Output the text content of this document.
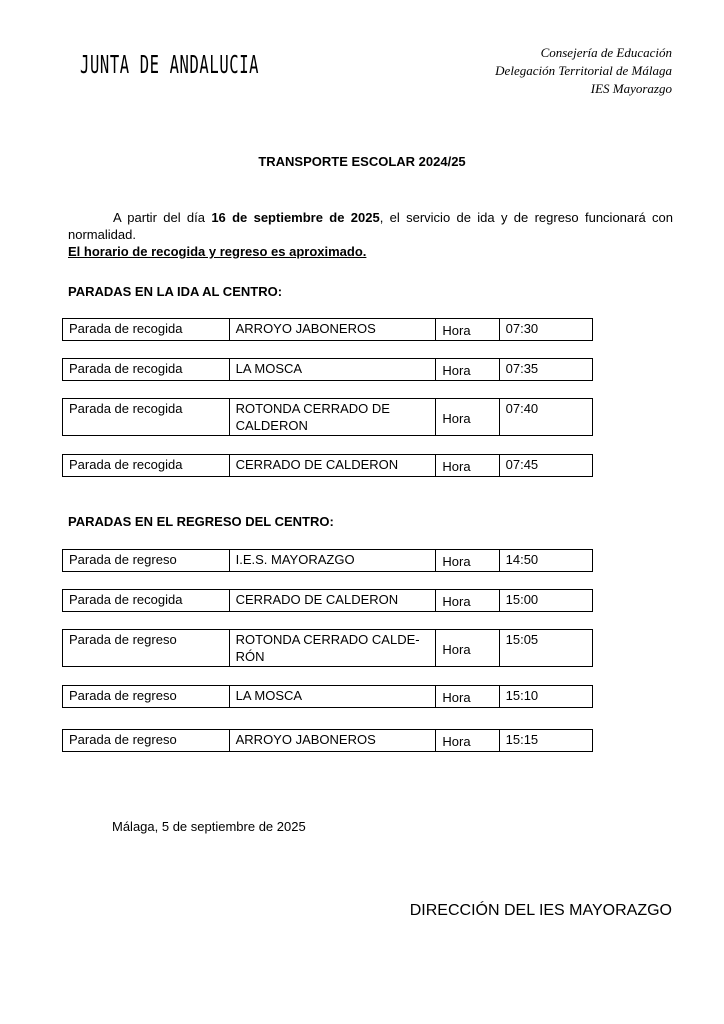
JUNTA DE ANDALUCIA	Consejería de Educación
Delegación Territorial de Málaga
IES Mayorazgo
TRANSPORTE ESCOLAR 2024/25

A partir del día 16 de septiembre de 2025, el servicio de ida y de regreso funcionará con normalidad.

El horario de recogida y regreso es aproximado.
PARADAS EN LA IDA AL CENTRO:
Parada de recogida	ARROYO JABONEROS	Hora	07:30
Parada de recogida	LA MOSCA	Hora	07:35
Parada de recogida	ROTONDA CERRADO DE CALDERON	Hora	07:40
Parada de recogida	CERRADO DE CALDERON	Hora	07:45
PARADAS EN EL REGRESO DEL CENTRO:
Parada de regreso	I.E.S. MAYORAZGO	Hora	14:50
Parada de recogida	CERRADO DE CALDERON	Hora	15:00
Parada de regreso	ROTONDA CERRADO CALDE-RÓN	Hora	15:05
Parada de regreso	LA MOSCA	Hora	15:10
Parada de regreso	ARROYO JABONEROS	Hora	15:15
Málaga, 5 de septiembre de 2025
DIRECCIÓN DEL IES MAYORAZGO
